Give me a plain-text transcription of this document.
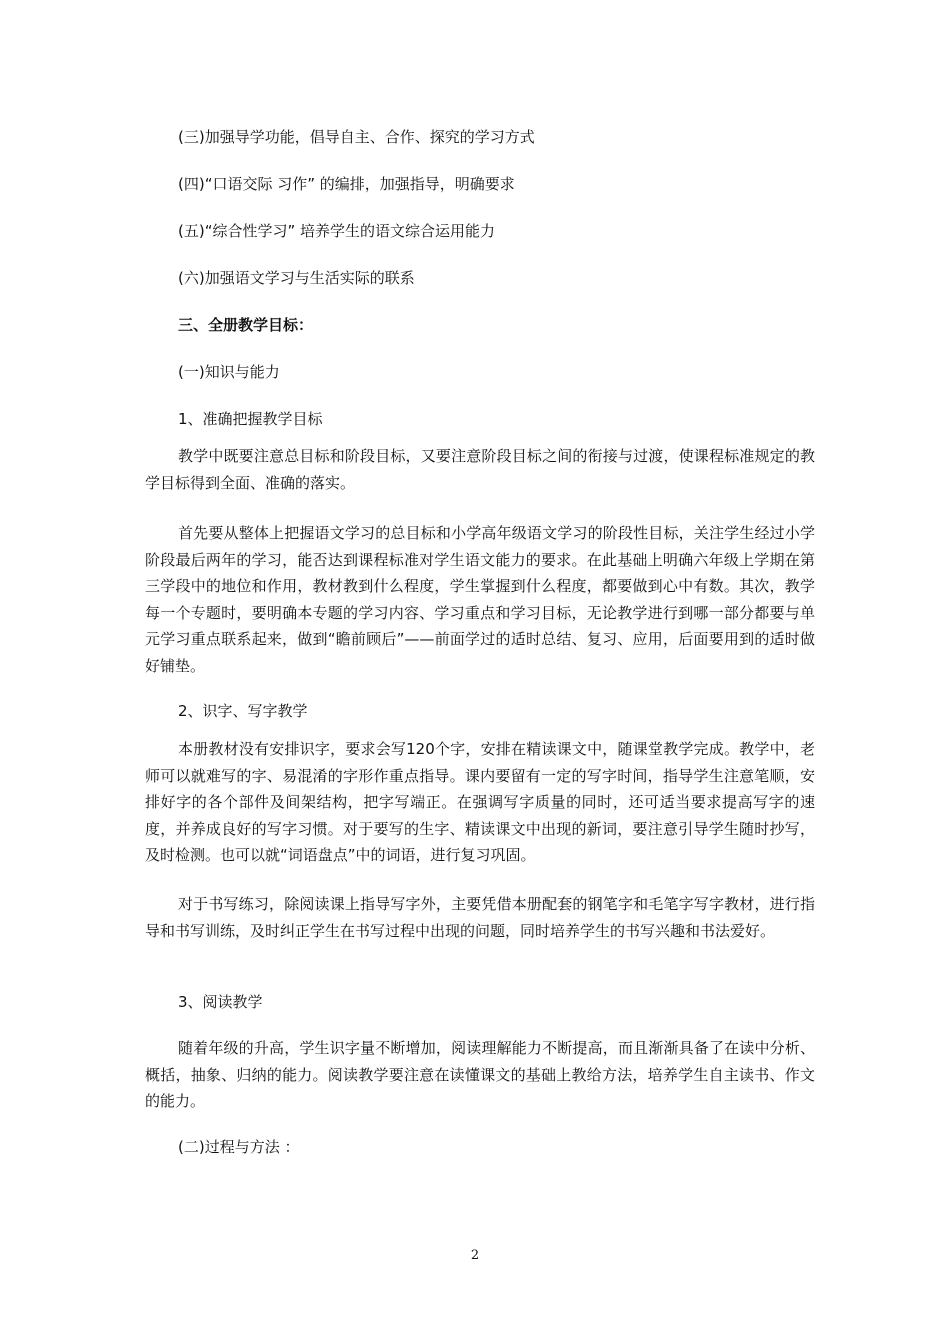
(三)加强导学功能，倡导自主、合作、探究的学习方式
(四)“口语交际 习作” 的编排，加强指导，明确要求
(五)“综合性学习” 培养学生的语文综合运用能力
(六)加强语文学习与生活实际的联系
三、全册教学目标：
(一)知识与能力
1、准确把握教学目标

教学中既要注意总目标和阶段目标，又要注意阶段目标之间的衔接与过渡，使课程标准规定的教学目标得到全面、准确的落实。

首先要从整体上把握语文学习的总目标和小学高年级语文学习的阶段性目标，关注学生经过小学阶段最后两年的学习，能否达到课程标准对学生语文能力的要求。在此基础上明确六年级上学期在第三学段中的地位和作用，教材教到什么程度，学生掌握到什么程度，都要做到心中有数。其次，教学每一个专题时，要明确本专题的学习内容、学习重点和学习目标，无论教学进行到哪一部分都要与单元学习重点联系起来，做到“瞻前顾后”——前面学过的适时总结、复习、应用，后面要用到的适时做好铺垫。

2、识字、写字教学

本册教材没有安排识字，要求会写120个字，安排在精读课文中，随课堂教学完成。教学中，老师可以就难写的字、易混淆的字形作重点指导。课内要留有一定的写字时间，指导学生注意笔顺，安排好字的各个部件及间架结构，把字写端正。在强调写字质量的同时，还可适当要求提高写字的速度，并养成良好的写字习惯。对于要写的生字、精读课文中出现的新词，要注意引导学生随时抄写，及时检测。也可以就“词语盘点”中的词语，进行复习巩固。

对于书写练习，除阅读课上指导写字外，主要凭借本册配套的钢笔字和毛笔字写字教材，进行指导和书写训练，及时纠正学生在书写过程中出现的问题，同时培养学生的书写兴趣和书法爱好。

3、阅读教学

随着年级的升高，学生识字量不断增加，阅读理解能力不断提高，而且渐渐具备了在读中分析、概括，抽象、归纳的能力。阅读教学要注意在读懂课文的基础上教给方法，培养学生自主读书、作文的能力。

(二)过程与方法 ：
2
